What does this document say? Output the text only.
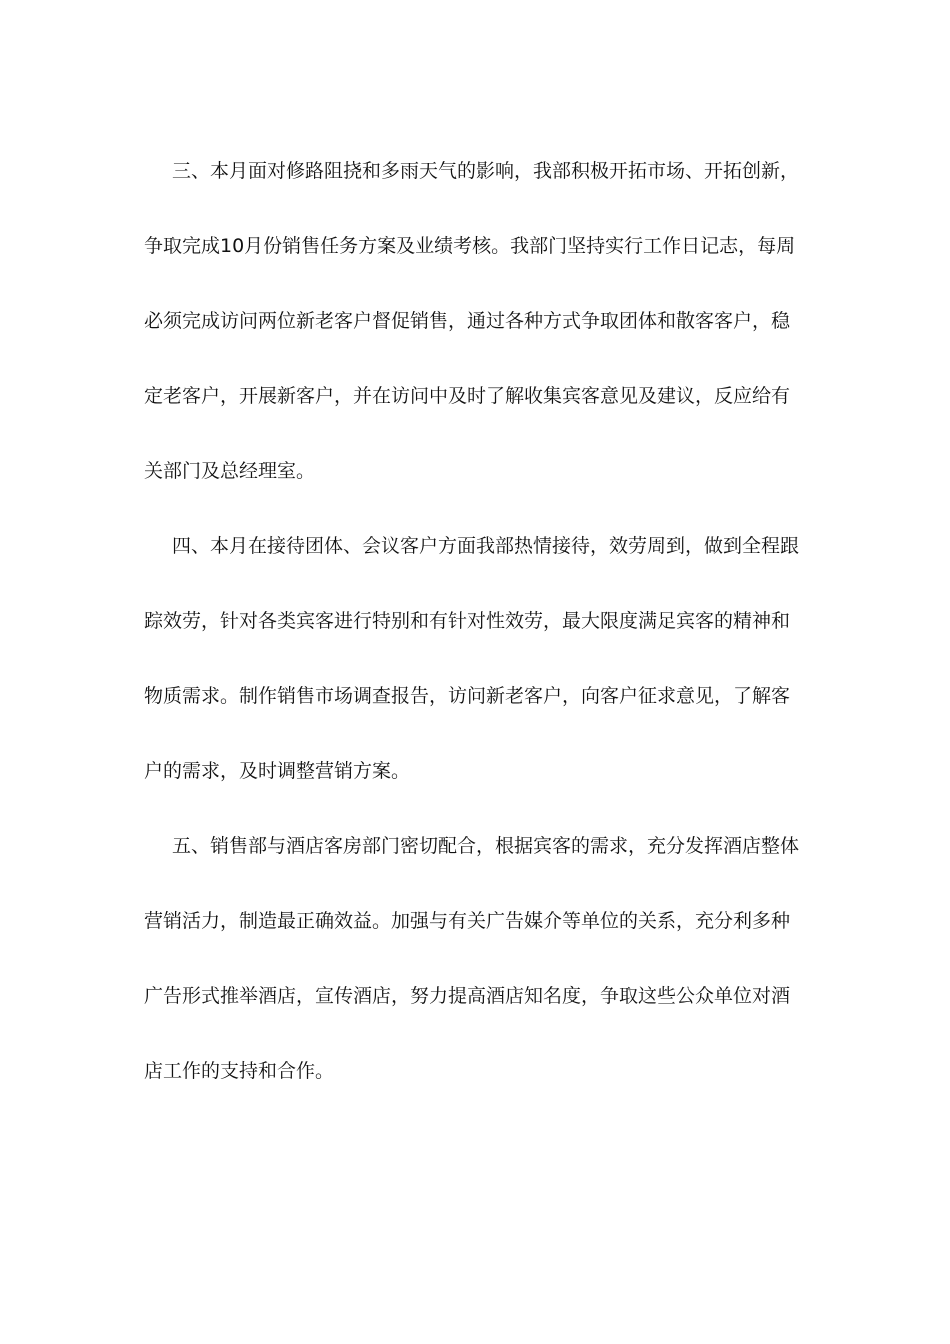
三、本月面对修路阻挠和多雨天气的影响，我部积极开拓市场、开拓创新，
争取完成10月份销售任务方案及业绩考核。我部门坚持实行工作日记志，每周
必须完成访问两位新老客户督促销售，通过各种方式争取团体和散客客户，稳
定老客户，开展新客户，并在访问中及时了解收集宾客意见及建议，反应给有
关部门及总经理室。

四、本月在接待团体、会议客户方面我部热情接待，效劳周到，做到全程跟
踪效劳，针对各类宾客进行特别和有针对性效劳，最大限度满足宾客的精神和
物质需求。制作销售市场调查报告，访问新老客户，向客户征求意见，了解客
户的需求，及时调整营销方案。

五、销售部与酒店客房部门密切配合，根据宾客的需求，充分发挥酒店整体
营销活力，制造最正确效益。加强与有关广告媒介等单位的关系，充分利多种
广告形式推举酒店，宣传酒店，努力提高酒店知名度，争取这些公众单位对酒
店工作的支持和合作。
